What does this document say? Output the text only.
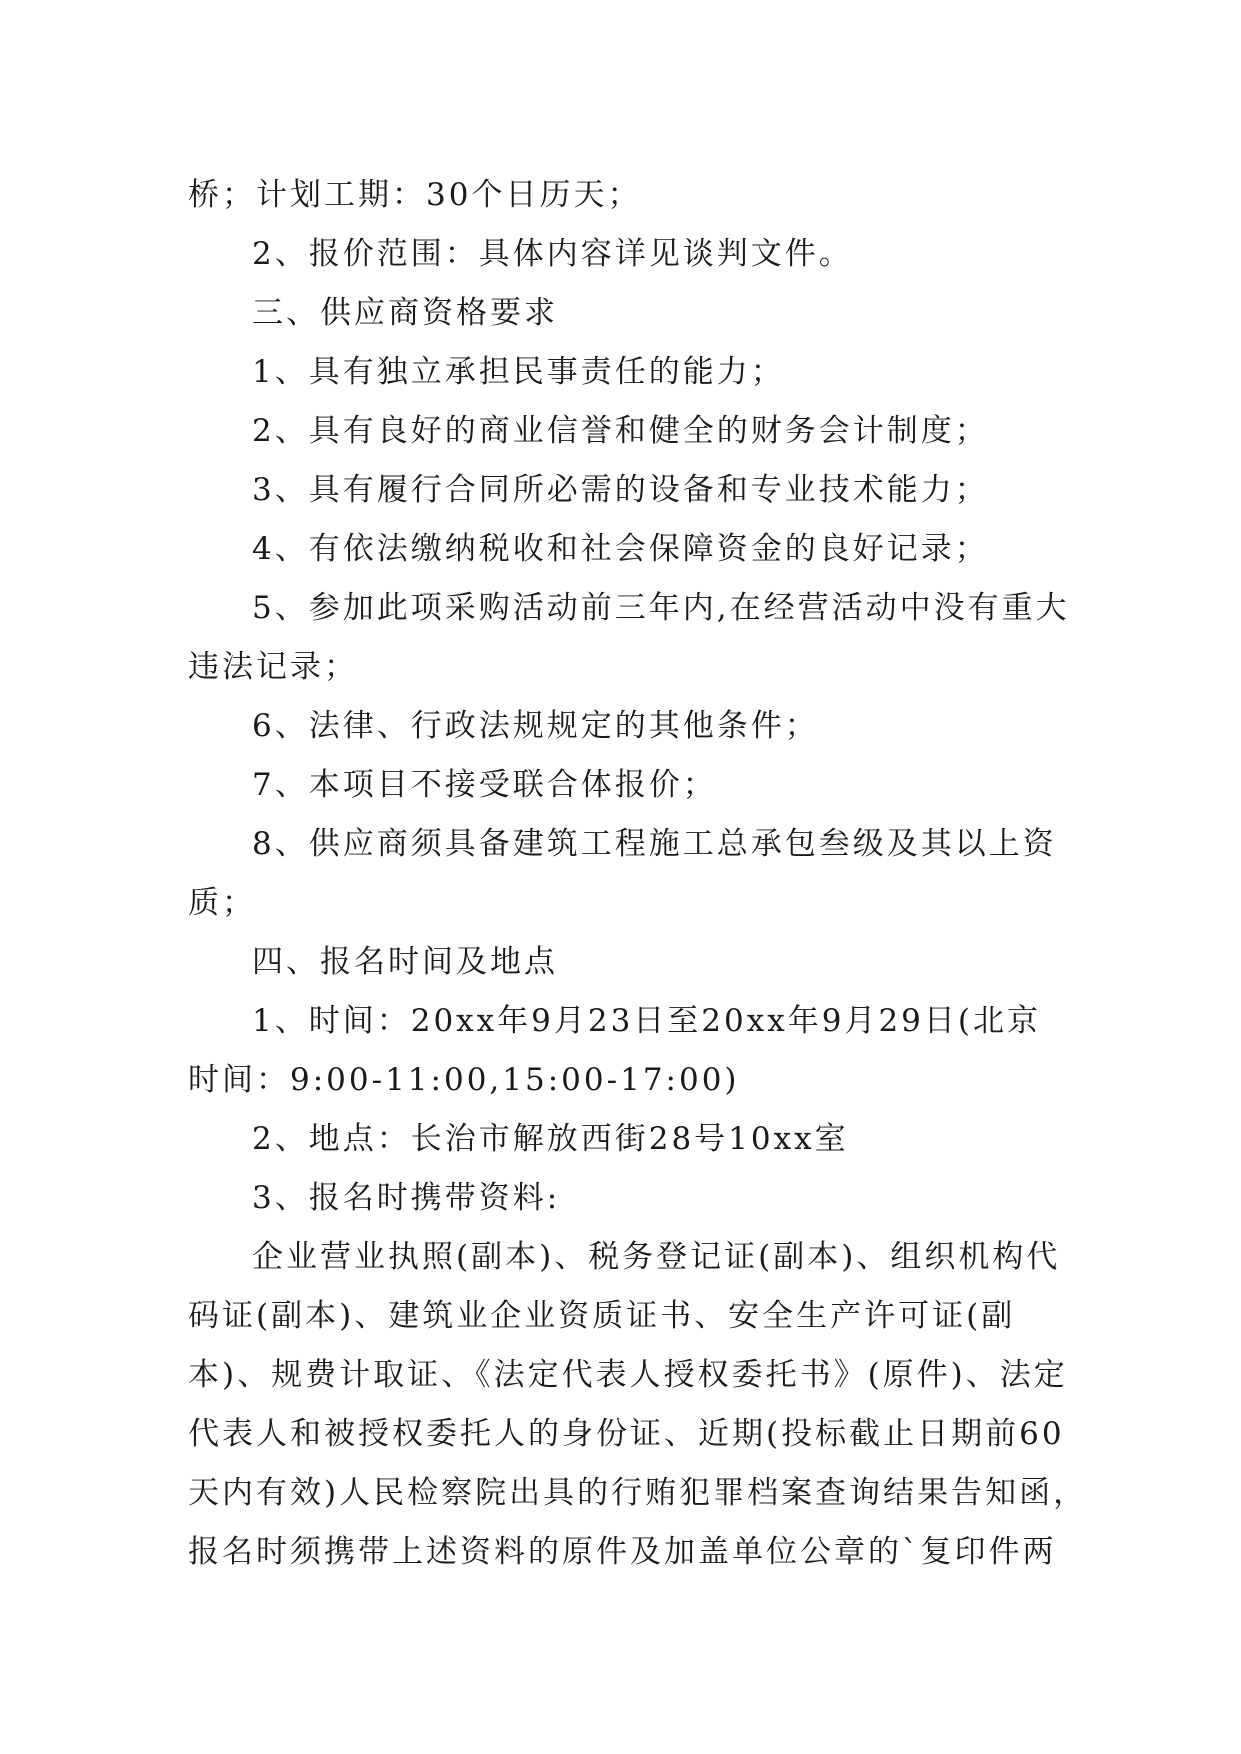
桥；计划工期：30个日历天；
2、报价范围：具体内容详见谈判文件。
三、供应商资格要求
1、具有独立承担民事责任的能力；
2、具有良好的商业信誉和健全的财务会计制度；
3、具有履行合同所必需的设备和专业技术能力；
4、有依法缴纳税收和社会保障资金的良好记录；
5、参加此项采购活动前三年内,在经营活动中没有重大
违法记录；
6、法律、行政法规规定的其他条件；
7、本项目不接受联合体报价；
8、供应商须具备建筑工程施工总承包叁级及其以上资
质；
四、报名时间及地点
1、时间：20xx年9月23日至20xx年9月29日(北京
时间：9:00-11:00,15:00-17:00)
2、地点：长治市解放西街28号10xx室
3、报名时携带资料:
企业营业执照(副本)、税务登记证(副本)、组织机构代
码证(副本)、建筑业企业资质证书、安全生产许可证(副
本)、规费计取证、《法定代表人授权委托书》(原件)、法定
代表人和被授权委托人的身份证、近期(投标截止日期前60
天内有效)人民检察院出具的行贿犯罪档案查询结果告知函，
报名时须携带上述资料的原件及加盖单位公章的`复印件两
